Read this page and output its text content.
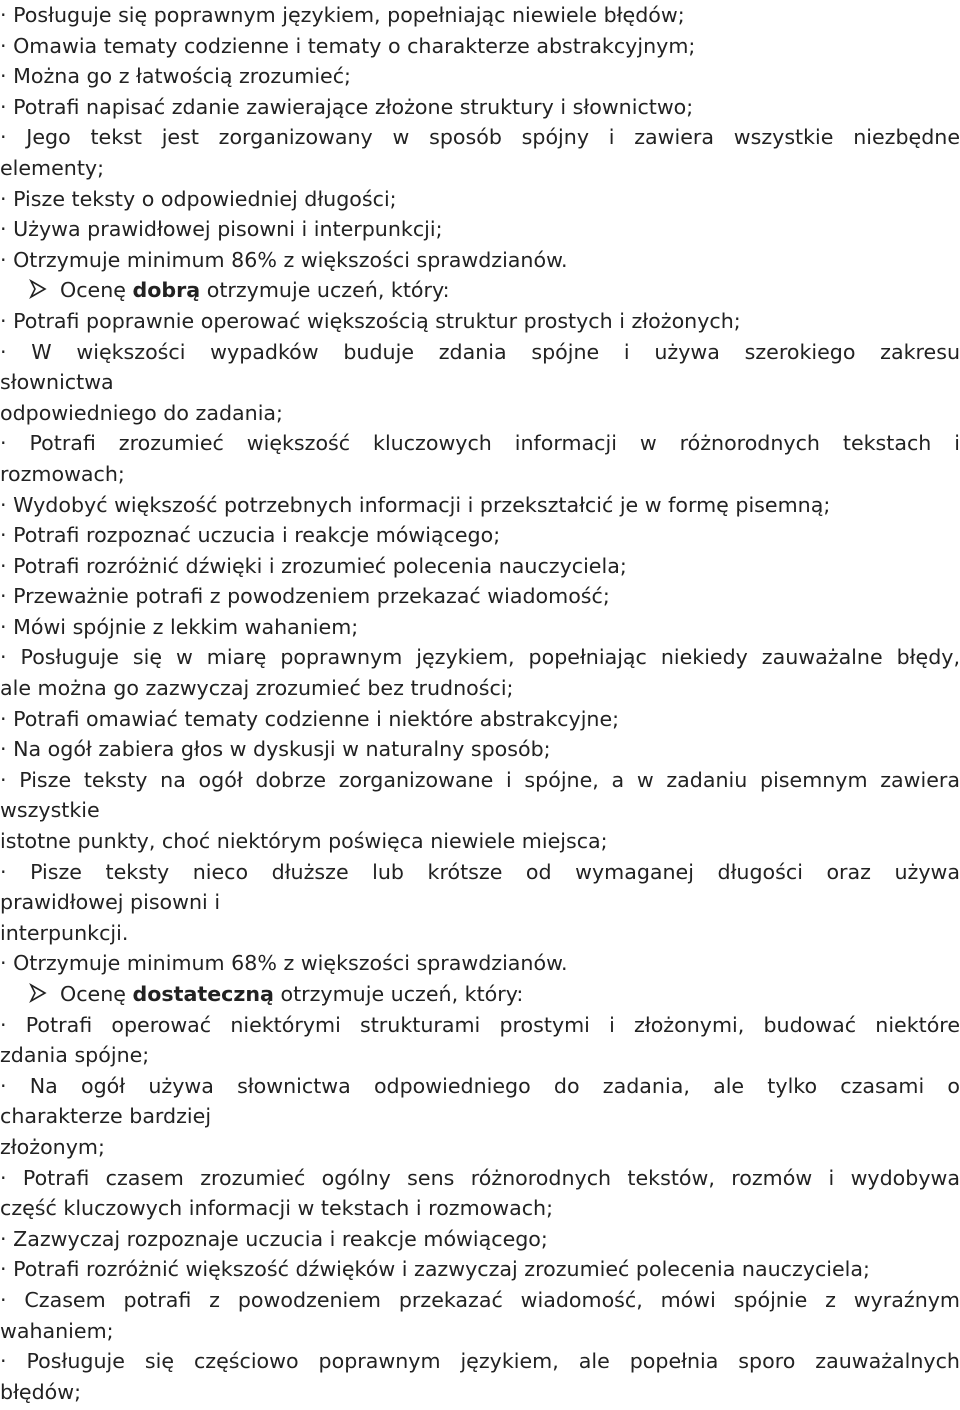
· Posługuje się poprawnym językiem, popełniając niewiele błędów;
· Omawia tematy codzienne i tematy o charakterze abstrakcyjnym;
· Można go z łatwością zrozumieć;
· Potrafi napisać zdanie zawierające złożone struktury i słownictwo;
· Jego tekst jest zorganizowany w sposób spójny i zawiera wszystkie niezbędne
elementy;
· Pisze teksty o odpowiedniej długości;
· Używa prawidłowej pisowni i interpunkcji;
· Otrzymuje minimum 86% z większości sprawdzianów.
Ocenę dobrą otrzymuje uczeń, który:
· Potrafi poprawnie operować większością struktur prostych i złożonych;
· W większości wypadków buduje zdania spójne i używa szerokiego zakresu
słownictwa
odpowiedniego do zadania;
· Potrafi zrozumieć większość kluczowych informacji w różnorodnych tekstach i
rozmowach;
· Wydobyć większość potrzebnych informacji i przekształcić je w formę pisemną;
· Potrafi rozpoznać uczucia i reakcje mówiącego;
· Potrafi rozróżnić dźwięki i zrozumieć polecenia nauczyciela;
· Przeważnie potrafi z powodzeniem przekazać wiadomość;
· Mówi spójnie z lekkim wahaniem;
· Posługuje się w miarę poprawnym językiem, popełniając niekiedy zauważalne błędy,
ale można go zazwyczaj zrozumieć bez trudności;
· Potrafi omawiać tematy codzienne i niektóre abstrakcyjne;
· Na ogół zabiera głos w dyskusji w naturalny sposób;
· Pisze teksty na ogół dobrze zorganizowane i spójne, a w zadaniu pisemnym zawiera
wszystkie
istotne punkty, choć niektórym poświęca niewiele miejsca;
· Pisze teksty nieco dłuższe lub krótsze od wymaganej długości oraz używa
prawidłowej pisowni i
interpunkcji.
· Otrzymuje minimum 68% z większości sprawdzianów.
Ocenę dostateczną otrzymuje uczeń, który:
· Potrafi operować niektórymi strukturami prostymi i złożonymi, budować niektóre
zdania spójne;
· Na ogół używa słownictwa odpowiedniego do zadania, ale tylko czasami o
charakterze bardziej
złożonym;
· Potrafi czasem zrozumieć ogólny sens różnorodnych tekstów, rozmów i wydobywa
część kluczowych informacji w tekstach i rozmowach;
· Zazwyczaj rozpoznaje uczucia i reakcje mówiącego;
· Potrafi rozróżnić większość dźwięków i zazwyczaj zrozumieć polecenia nauczyciela;
· Czasem potrafi z powodzeniem przekazać wiadomość, mówi spójnie z wyraźnym
wahaniem;
· Posługuje się częściowo poprawnym językiem, ale popełnia sporo zauważalnych
błędów;
